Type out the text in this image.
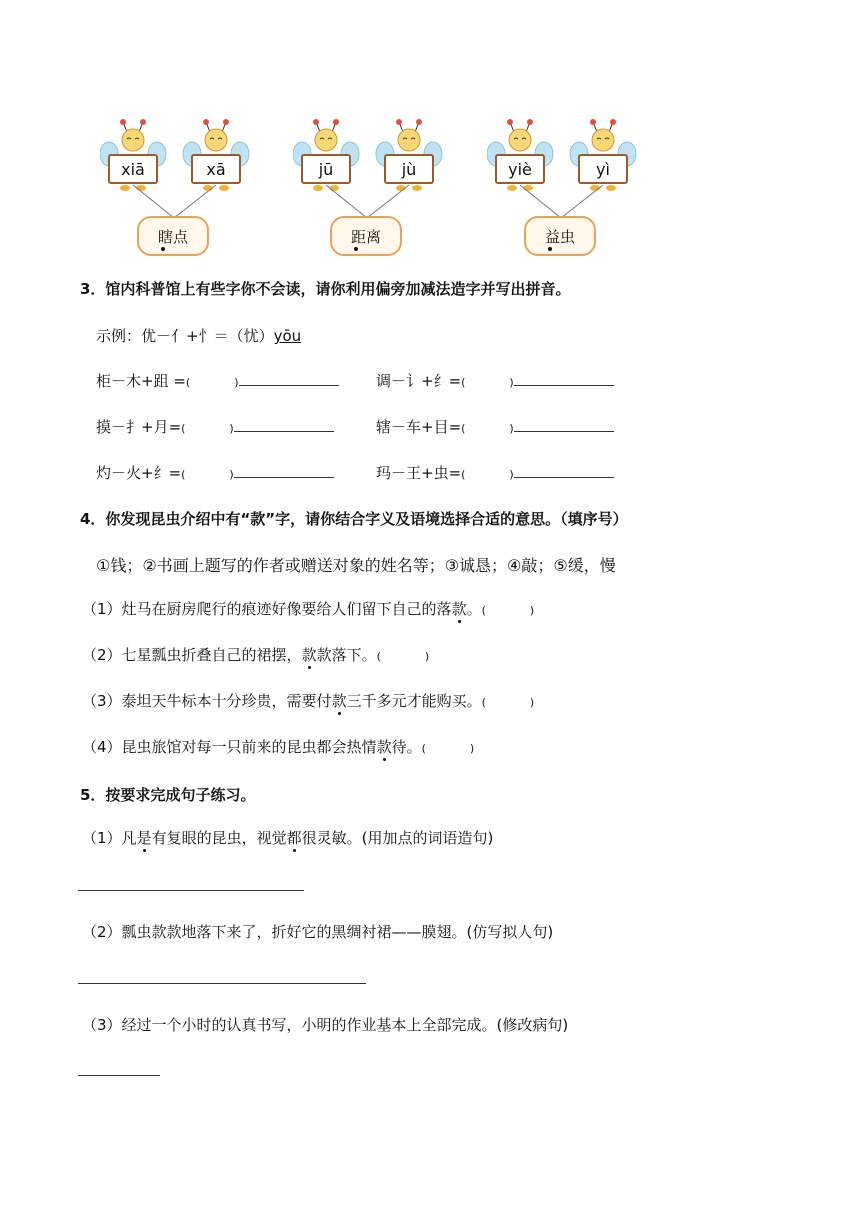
xiā	xā
瞎点
jū	jù
距离
yiè	yì
益虫
3．馆内科普馆上有些字你不会读，请你利用偏旁加减法造字并写出拼音。
示例：优－亻+忄＝（忧）yōu
柜－木+跙 =(　　　　)	调－讠+纟=(　　　　)
摸－扌+月=(　　　　)	辖－车+目=(　　　　)
灼－火+纟=(　　　　)	玛－王+虫=(　　　　)
4．你发现昆虫介绍中有“款”字，请你结合字义及语境选择合适的意思。（填序号）
①钱；②书画上题写的作者或赠送对象的姓名等；③诚恳；④敲；⑤缓，慢
（1）灶马在厨房爬行的痕迹好像要给人们留下自己的落款。(　　　　)
（2）七星瓢虫折叠自己的裙摆，款款落下。(　　　　)
（3）泰坦天牛标本十分珍贵，需要付款三千多元才能购买。(　　　　)
（4）昆虫旅馆对每一只前来的昆虫都会热情款待。(　　　　)
5．按要求完成句子练习。
（1）凡是有复眼的昆虫，视觉都很灵敏。(用加点的词语造句)
（2）瓢虫款款地落下来了，折好它的黑绸衬裙——膜翅。(仿写拟人句)
（3）经过一个小时的认真书写，小明的作业基本上全部完成。(修改病句)
